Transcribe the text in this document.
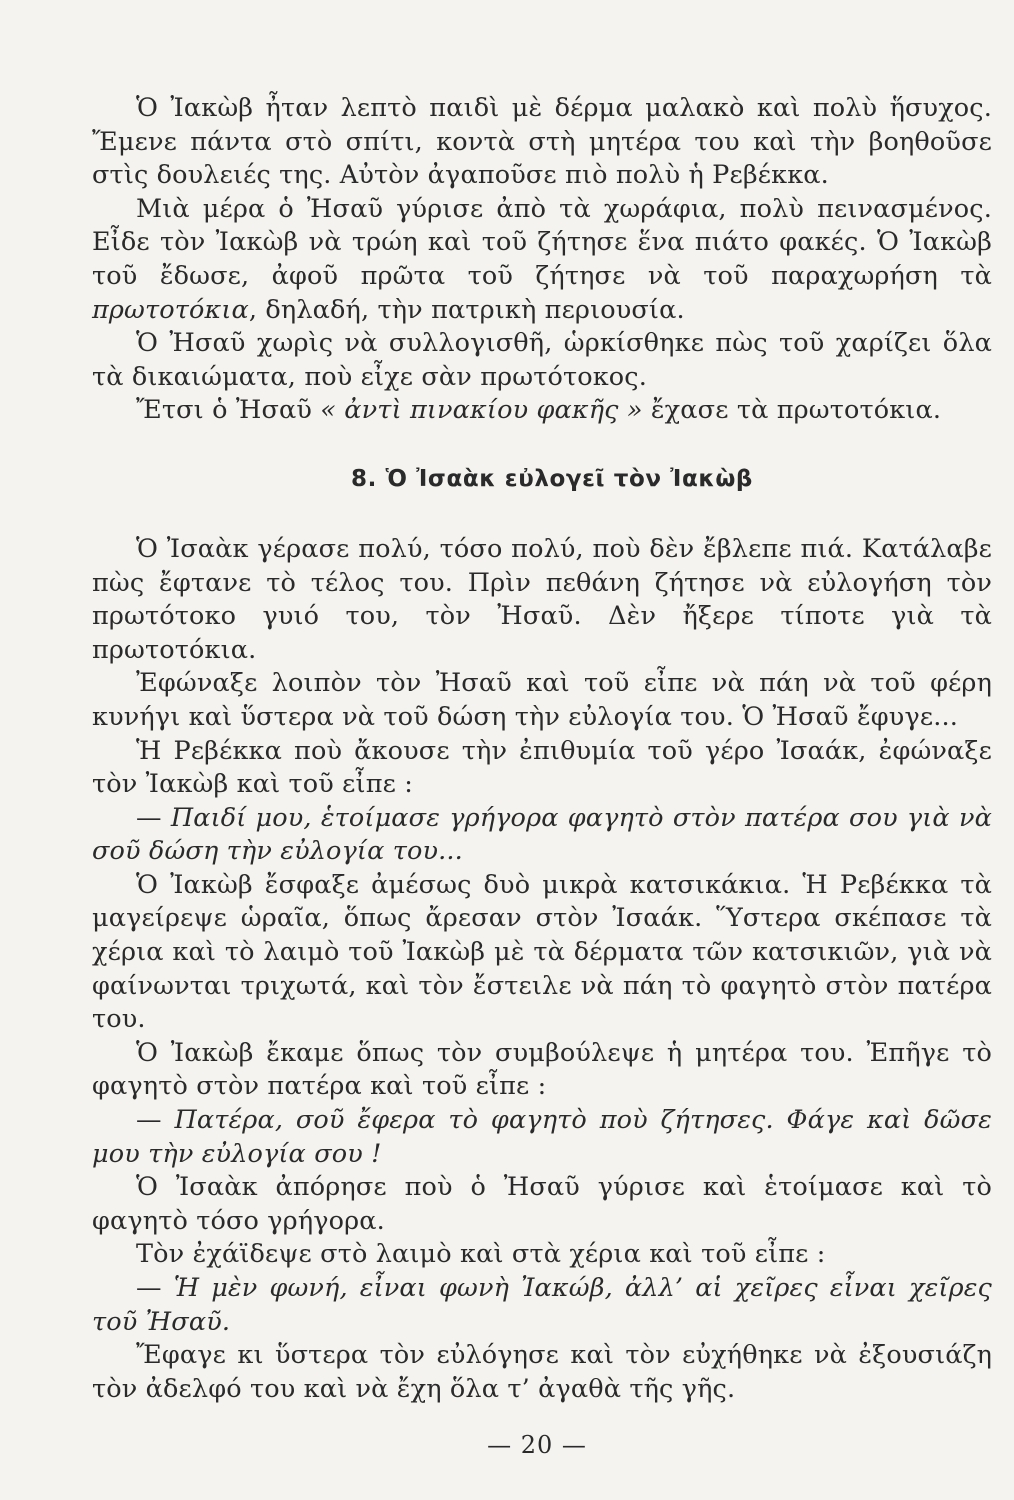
Ὁ Ἰακὼβ ἦταν λεπτὸ παιδὶ μὲ δέρμα μαλακὸ καὶ πολὺ ἥσυχος. Ἔμενε πάντα στὸ σπίτι, κοντὰ στὴ μητέρα του καὶ τὴν βοηθοῦσε στὶς δουλειές της. Αὐτὸν ἀγαποῦσε πιὸ πολὺ ἡ Ρεβέκκα.

Μιὰ μέρα ὁ Ἠσαῦ γύρισε ἀπὸ τὰ χωράφια, πολὺ πεινασμένος. Εἶδε τὸν Ἰακὼβ νὰ τρώη καὶ τοῦ ζήτησε ἕνα πιάτο φακές. Ὁ Ἰακὼβ τοῦ ἔδωσε, ἀφοῦ πρῶτα τοῦ ζήτησε νὰ τοῦ παραχωρήση τὰ πρωτοτόκια, δηλαδή, τὴν πατρικὴ περιουσία.

Ὁ Ἠσαῦ χωρὶς νὰ συλλογισθῆ, ὡρκίσθηκε πὼς τοῦ χαρίζει ὅλα τὰ δικαιώματα, ποὺ εἶχε σὰν πρωτότοκος.

Ἔτσι ὁ Ἠσαῦ « ἀντὶ πινακίου φακῆς » ἔχασε τὰ πρωτοτόκια.

8. Ὁ Ἰσαὰκ εὐλογεῖ τὸν Ἰακὼβ

Ὁ Ἰσαὰκ γέρασε πολύ, τόσο πολύ, ποὺ δὲν ἔβλεπε πιά. Κατάλαβε πὼς ἔφτανε τὸ τέλος του. Πρὶν πεθάνη ζήτησε νὰ εὐλογήση τὸν πρωτότοκο γυιό του, τὸν Ἠσαῦ. Δὲν ἤξερε τίποτε γιὰ τὰ πρωτοτόκια.

Ἐφώναξε λοιπὸν τὸν Ἠσαῦ καὶ τοῦ εἶπε νὰ πάη νὰ τοῦ φέρη κυνήγι καὶ ὕστερα νὰ τοῦ δώση τὴν εὐλογία του. Ὁ Ἠσαῦ ἔφυγε...

Ἡ Ρεβέκκα ποὺ ἄκουσε τὴν ἐπιθυμία τοῦ γέρο Ἰσαάκ, ἐφώναξε τὸν Ἰακὼβ καὶ τοῦ εἶπε :

— Παιδί μου, ἑτοίμασε γρήγορα φαγητὸ στὸν πατέρα σου γιὰ νὰ σοῦ δώση τὴν εὐλογία του...

Ὁ Ἰακὼβ ἔσφαξε ἀμέσως δυὸ μικρὰ κατσικάκια. Ἡ Ρεβέκκα τὰ μαγείρεψε ὡραῖα, ὅπως ἄρεσαν στὸν Ἰσαάκ. Ὕστερα σκέπασε τὰ χέρια καὶ τὸ λαιμὸ τοῦ Ἰακὼβ μὲ τὰ δέρματα τῶν κατσικιῶν, γιὰ νὰ φαίνωνται τριχωτά, καὶ τὸν ἔστειλε νὰ πάη τὸ φαγητὸ στὸν πατέρα του.

Ὁ Ἰακὼβ ἔκαμε ὅπως τὸν συμβούλεψε ἡ μητέρα του. Ἐπῆγε τὸ φαγητὸ στὸν πατέρα καὶ τοῦ εἶπε :

— Πατέρα, σοῦ ἔφερα τὸ φαγητὸ ποὺ ζήτησες. Φάγε καὶ δῶσε μου τὴν εὐλογία σου !

Ὁ Ἰσαὰκ ἀπόρησε ποὺ ὁ Ἠσαῦ γύρισε καὶ ἑτοίμασε καὶ τὸ φαγητὸ τόσο γρήγορα.

Τὸν ἐχάϊδεψε στὸ λαιμὸ καὶ στὰ χέρια καὶ τοῦ εἶπε :

— Ἡ μὲν φωνή, εἶναι φωνὴ Ἰακώβ, ἀλλ’ αἱ χεῖρες εἶναι χεῖρες τοῦ Ἠσαῦ.

Ἔφαγε κι ὕστερα τὸν εὐλόγησε καὶ τὸν εὐχήθηκε νὰ ἐξουσιάζη τὸν ἀδελφό του καὶ νὰ ἔχη ὅλα τ’ ἀγαθὰ τῆς γῆς.

— 20 —
